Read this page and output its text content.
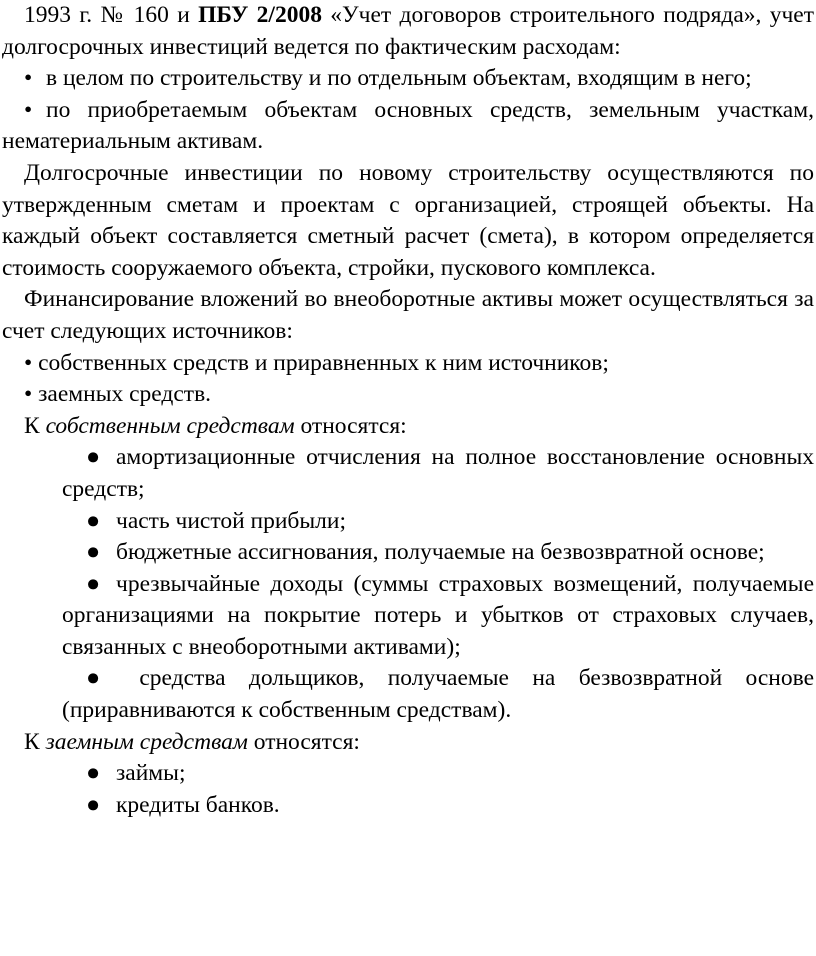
1993 г. № 160 и ПБУ 2/2008 «Учет договоров строительного подряда», учет долгосрочных инвестиций ведется по фактическим расходам:

• в целом по строительству и по отдельным объектам, входящим в него;

• по приобретаемым объектам основных средств, земельным участкам, нематериальным активам.

Долгосрочные инвестиции по новому строительству осуществляются по утвержденным сметам и проектам с организацией, строящей объекты. На каждый объект составляется сметный расчет (смета), в котором определяется стоимость сооружаемого объекта, стройки, пускового комплекса.

Финансирование вложений во внеоборотные активы может осуществляться за счет следующих источников:

• собственных средств и приравненных к ним источников;

• заемных средств.

К собственным средствам относятся:

● амортизационные отчисления на полное восстановление основных средств;

● часть чистой прибыли;

● бюджетные ассигнования, получаемые на безвозвратной основе;

● чрезвычайные доходы (суммы страховых возмещений, получаемые организациями на покрытие потерь и убытков от страховых случаев, связанных с внеоборотными активами);

● средства дольщиков, получаемые на безвозвратной основе (приравниваются к собственным средствам).

К заемным средствам относятся:

● займы;

● кредиты банков.
